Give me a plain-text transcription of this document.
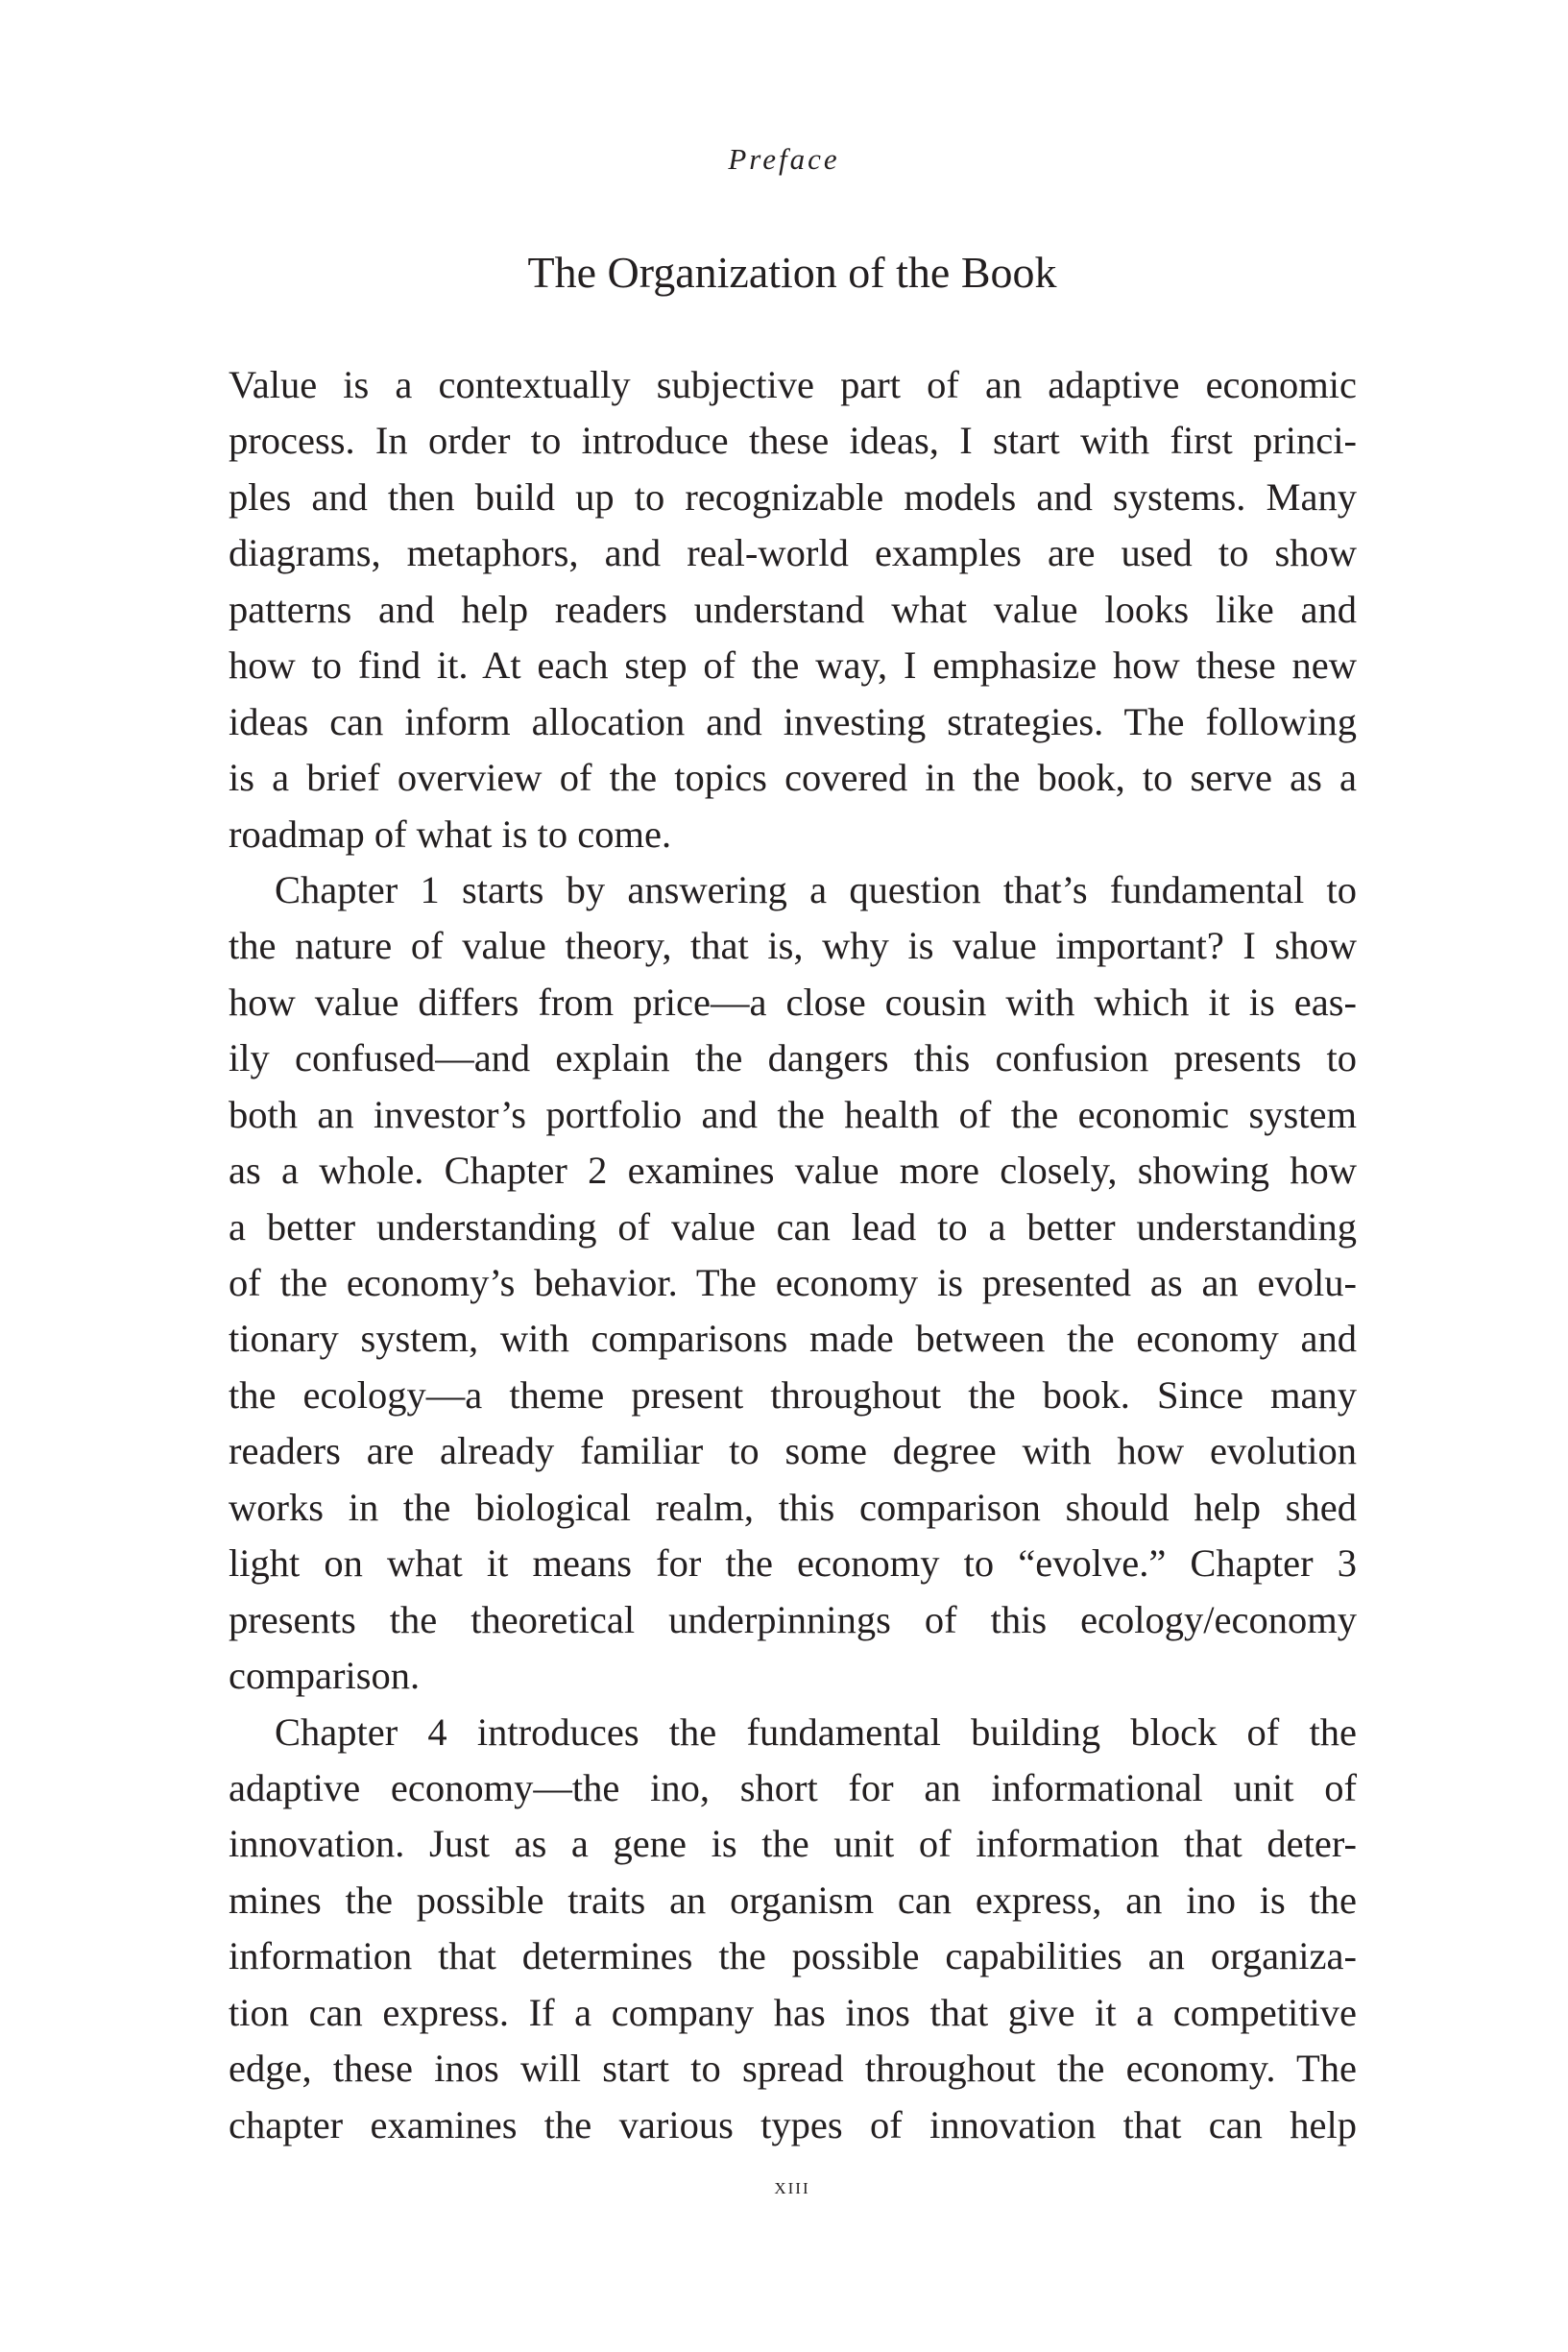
Preface
The Organization of the Book
Value is a contextually subjective part of an adaptive economic
process. In order to introduce these ideas, I start with first princi-
ples and then build up to recognizable models and systems. Many
diagrams, metaphors, and real-world examples are used to show
patterns and help readers understand what value looks like and
how to find it. At each step of the way, I emphasize how these new
ideas can inform allocation and investing strategies. The following
is a brief overview of the topics covered in the book, to serve as a
roadmap of what is to come.
Chapter 1 starts by answering a question that’s fundamental to
the nature of value theory, that is, why is value important? I show
how value differs from price—a close cousin with which it is eas-
ily confused—and explain the dangers this confusion presents to
both an investor’s portfolio and the health of the economic system
as a whole. Chapter 2 examines value more closely, showing how
a better understanding of value can lead to a better understanding
of the economy’s behavior. The economy is presented as an evolu-
tionary system, with comparisons made between the economy and
the ecology—a theme present throughout the book. Since many
readers are already familiar to some degree with how evolution
works in the biological realm, this comparison should help shed
light on what it means for the economy to “evolve.” Chapter 3
presents the theoretical underpinnings of this ecology/economy
comparison.
Chapter 4 introduces the fundamental building block of the
adaptive economy—the ino, short for an informational unit of
innovation. Just as a gene is the unit of information that deter-
mines the possible traits an organism can express, an ino is the
information that determines the possible capabilities an organiza-
tion can express. If a company has inos that give it a competitive
edge, these inos will start to spread throughout the economy. The
chapter examines the various types of innovation that can help
xiii
